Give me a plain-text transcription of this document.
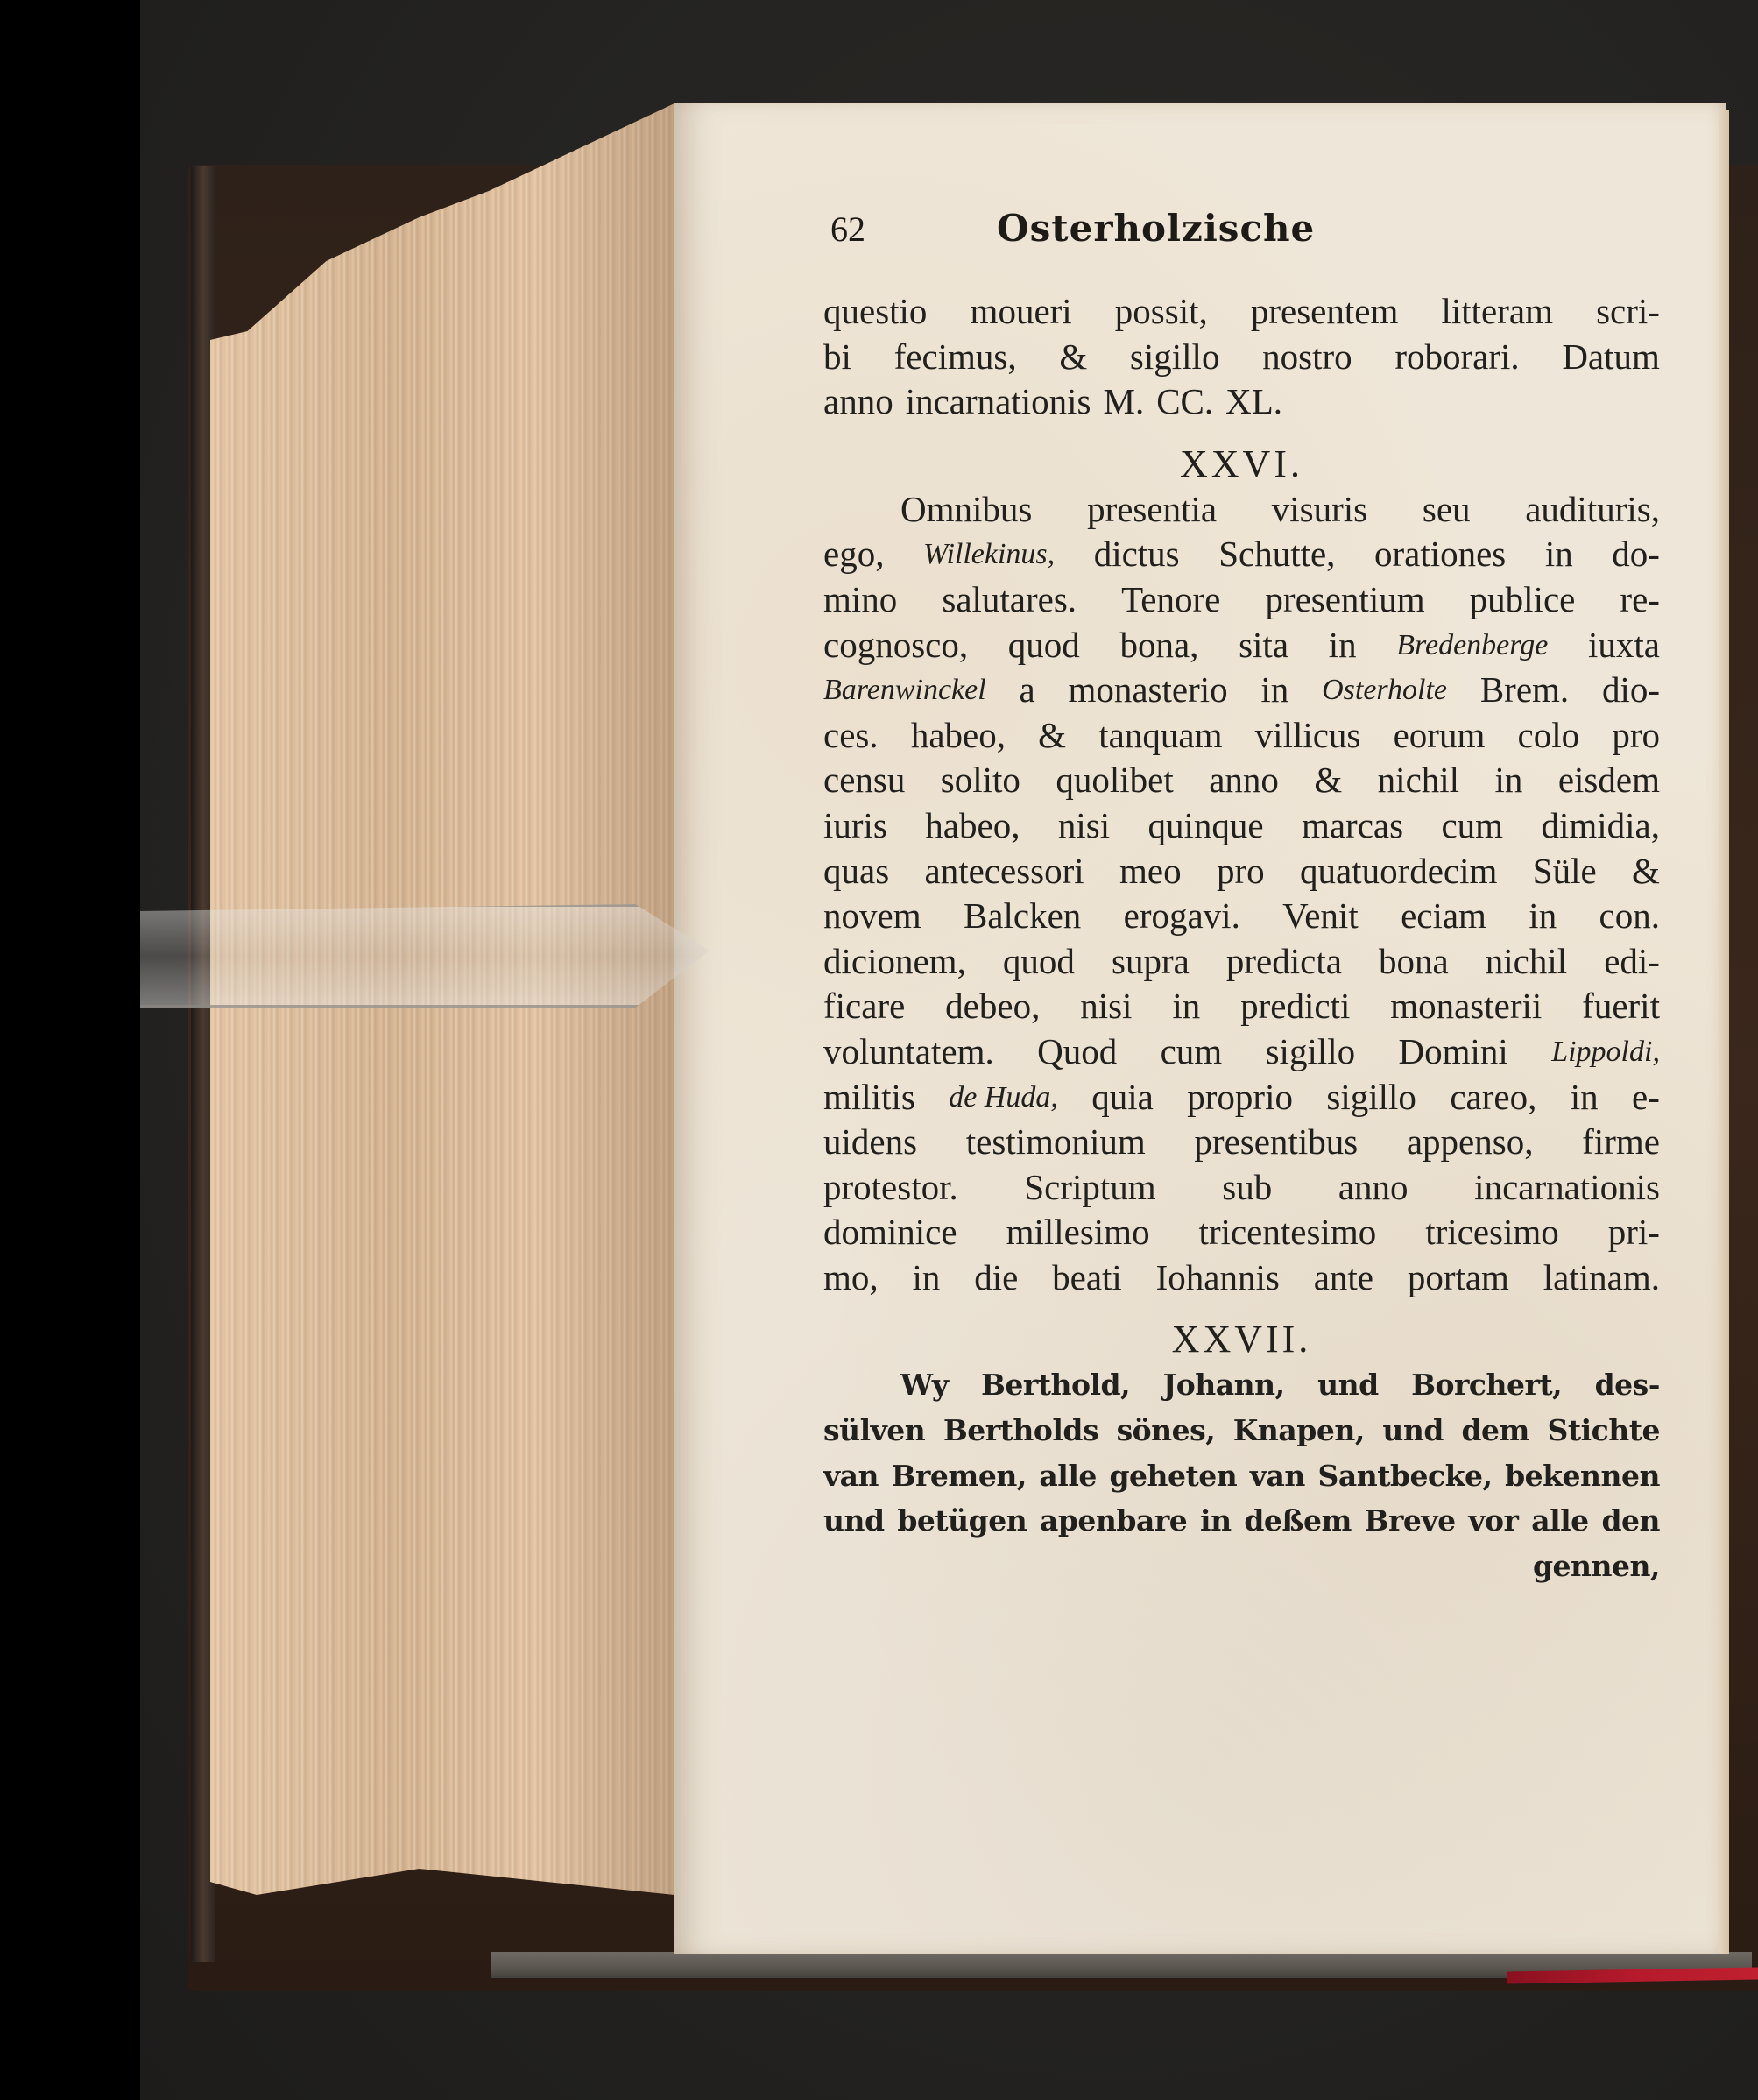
62	Osterholzische
questio moueri possit, presentem litteram scri-
bi fecimus, & sigillo nostro roborari. Datum
anno incarnationis M. CC. XL.
XXVI.
Omnibus presentia visuris seu audituris,
ego, Willekinus, dictus Schutte, orationes in do-
mino salutares. Tenore presentium publice re-
cognosco, quod bona, sita in Bredenberge iuxta
Barenwinckel a monasterio in Osterholte Brem. dio-
ces. habeo, & tanquam villicus eorum colo pro
censu solito quolibet anno & nichil in eisdem
iuris habeo, nisi quinque marcas cum dimidia,
quas antecessori meo pro quatuordecim Süle &
novem Balcken erogavi. Venit eciam in con.
dicionem, quod supra predicta bona nichil edi-
ficare debeo, nisi in predicti monasterii fuerit
voluntatem. Quod cum sigillo Domini Lippoldi,
militis de Huda, quia proprio sigillo careo, in e-
uidens testimonium presentibus appenso, firme
protestor. Scriptum sub anno incarnationis
dominice millesimo tricentesimo tricesimo pri-
mo, in die beati Iohannis ante portam latinam.
XXVII.
Wy Berthold, Johann, und Borchert, des-
sülven Bertholds sönes, Knapen, und dem Stichte
van Bremen, alle geheten van Santbecke, bekennen
und betügen apenbare in deßem Breve vor alle den
gennen,
